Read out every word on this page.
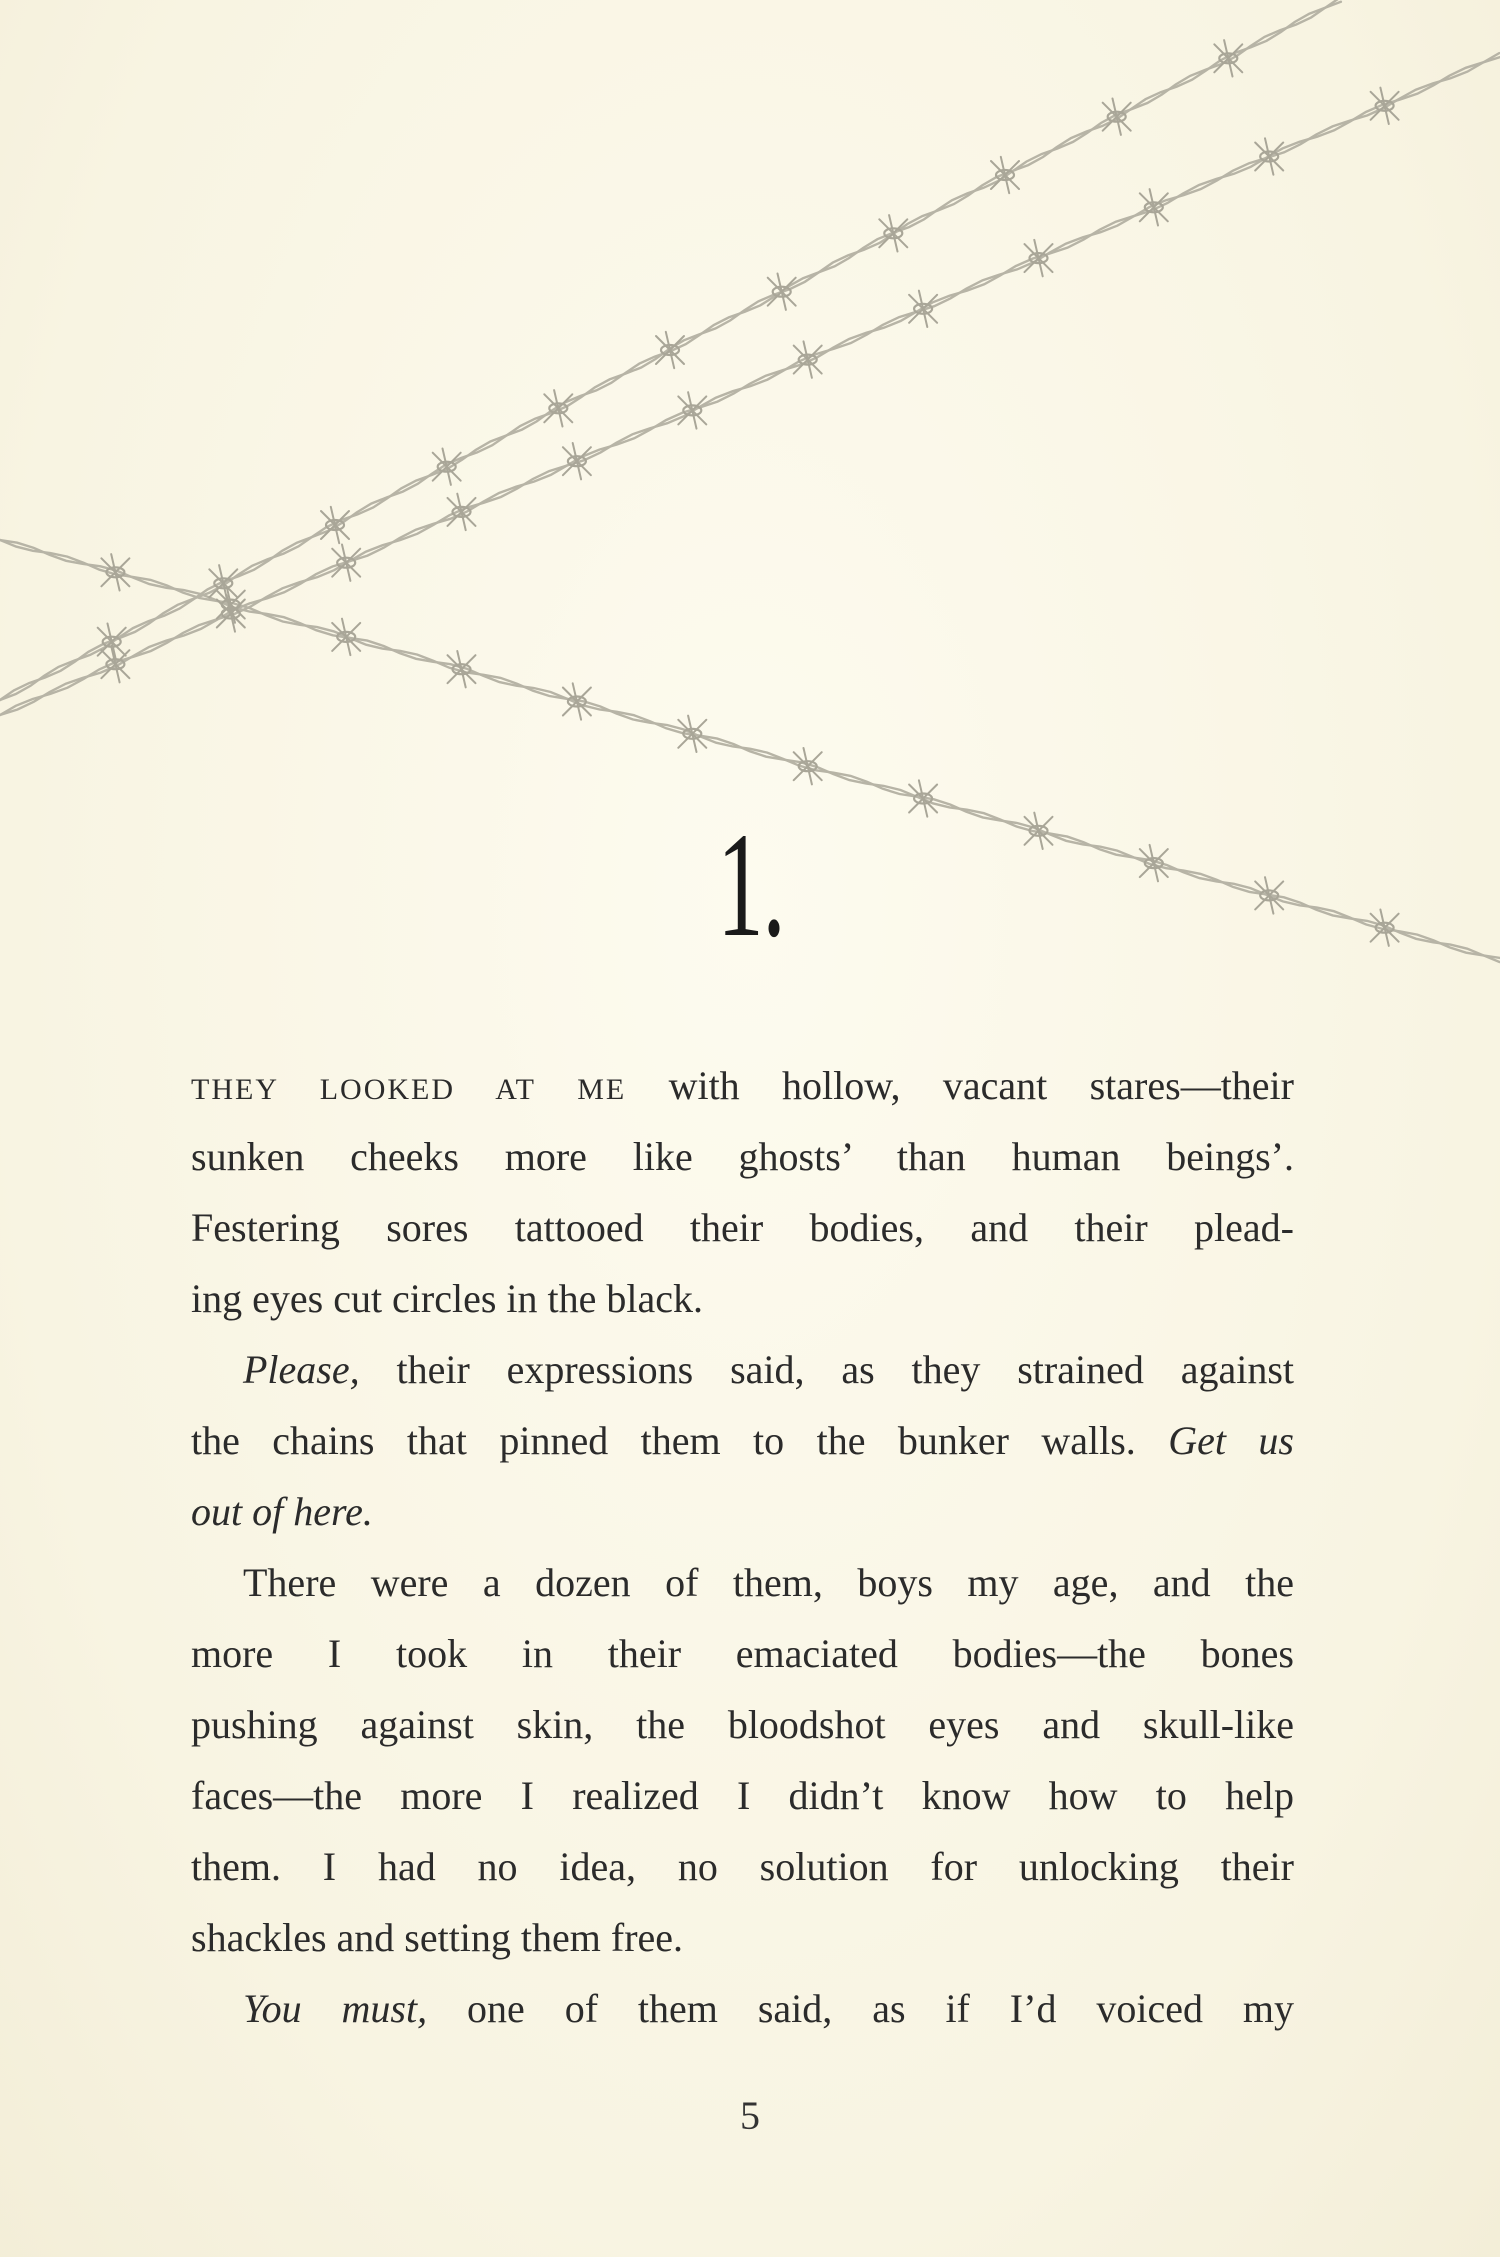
1.
THEY LOOKED AT ME with hollow, vacant stares—their
sunken cheeks more like ghosts’ than human beings’.
Festering sores tattooed their bodies, and their plead-
ing eyes cut circles in the black.
Please, their expressions said, as they strained against
the chains that pinned them to the bunker walls. Get us
out of here.
There were a dozen of them, boys my age, and the
more I took in their emaciated bodies—the bones
pushing against skin, the bloodshot eyes and skull-like
faces—the more I realized I didn’t know how to help
them. I had no idea, no solution for unlocking their
shackles and setting them free.
You must, one of them said, as if I’d voiced my
5
